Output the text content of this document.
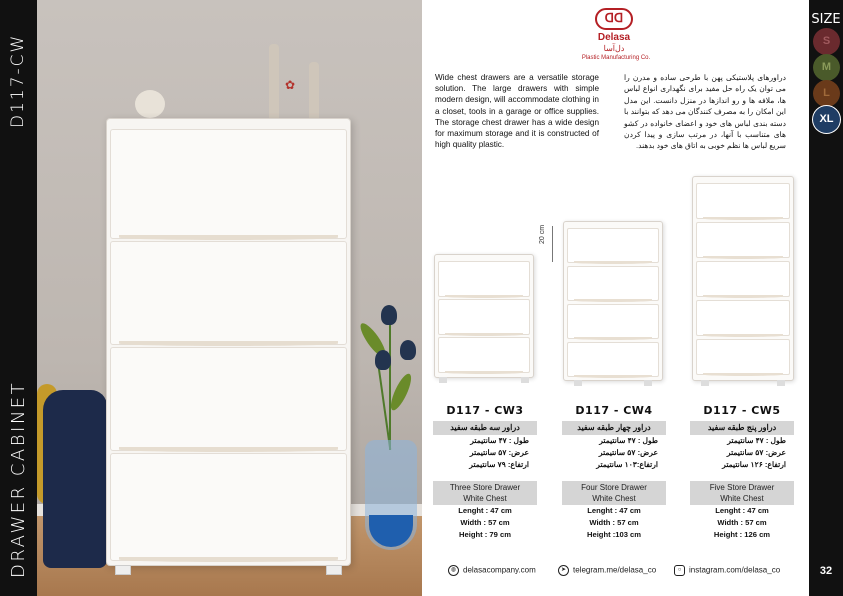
D117-CW
DRAWER CABINET
✿
ᗡᗡ
Delasa
دل‌آسا
Plastic Manufacturing Co.

Wide chest drawers are a versatile storage solution. The large drawers with simple modern design, will accommodate clothing in a closet, tools in a garage or office supplies. The storage chest drawer has a wide design for maximum storage and it is constructed of high quality plastic.

دراورهای پلاستیکی پهن با طرحی ساده و مدرن را می توان یک راه حل مفید برای نگهداری انواع لباس ها، ملافه ها و رو اندازها در منزل دانست. این مدل این امکان را به مصرف کنندگان می دهد که بتوانند با دسته بندی لباس های خود و اعضای خانواده در کشو های متناسب با آنها، در مرتب سازی و پیدا کردن سریع لباس ها نظم خوبی به اتاق های خود بدهند.

20 cm
D117 - CW3
دراور سه طبقه سفید
طول : ۴۷ سانتیمتر
عرض: ۵۷ سانتیمتر
ارتفاع: ۷۹ سانتیمتر
Three Store Drawer
White Chest
Lenght : 47 cm
Width : 57 cm
Height : 79 cm
D117 - CW4
دراور چهار طبقه سفید
طول : ۴۷ سانتیمتر
عرض: ۵۷ سانتیمتر
ارتفاع:۱۰۳ سانتیمتر
Four Store Drawer
White Chest
Lenght : 47 cm
Width : 57 cm
Height :103 cm
D117 - CW5
دراور پنج طبقه سفید
طول : ۴۷ سانتیمتر
عرض: ۵۷ سانتیمتر
ارتفاع: ۱۲۶ سانتیمتر
Five Store Drawer
White Chest
Lenght : 47 cm
Width : 57 cm
Height : 126 cm
◍ delasacompany.com	➤ telegram.me/delasa_co	○ instagram.com/delasa_co
SIZE
S
M
L
XL
32
